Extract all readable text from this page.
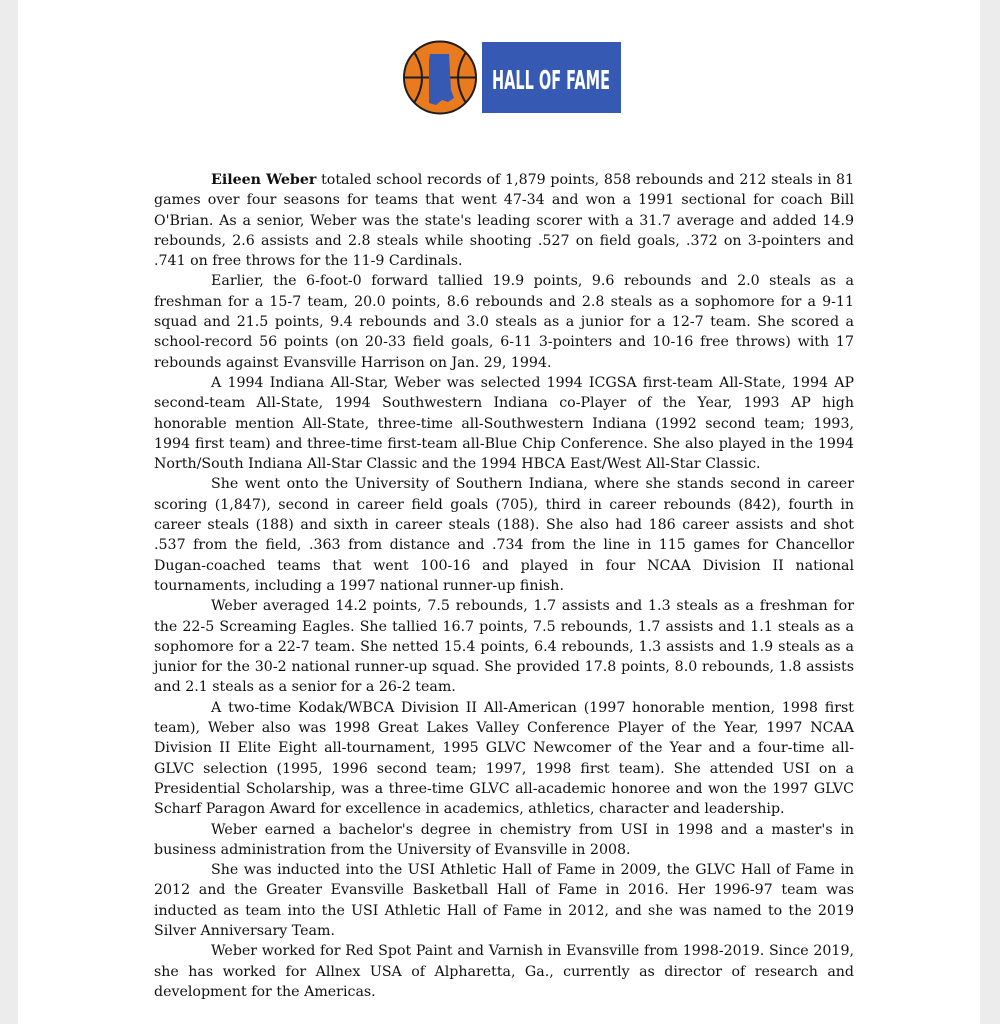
HALL OF FAME

Eileen Weber totaled school records of 1,879 points, 858 rebounds and 212 steals in 81 games over four seasons for teams that went 47-34 and won a 1991 sectional for coach Bill O'Brian. As a senior, Weber was the state's leading scorer with a 31.7 average and added 14.9 rebounds, 2.6 assists and 2.8 steals while shooting .527 on field goals, .372 on 3-pointers and .741 on free throws for the 11-9 Cardinals.

Earlier, the 6-foot-0 forward tallied 19.9 points, 9.6 rebounds and 2.0 steals as a freshman for a 15-7 team, 20.0 points, 8.6 rebounds and 2.8 steals as a sophomore for a 9-11 squad and 21.5 points, 9.4 rebounds and 3.0 steals as a junior for a 12-7 team. She scored a school-record 56 points (on 20-33 field goals, 6-11 3-pointers and 10-16 free throws) with 17 rebounds against Evansville Harrison on Jan. 29, 1994.

A 1994 Indiana All-Star, Weber was selected 1994 ICGSA first-team All-State, 1994 AP second-team All-State, 1994 Southwestern Indiana co-Player of the Year, 1993 AP high honorable mention All-State, three-time all-Southwestern Indiana (1992 second team; 1993, 1994 first team) and three-time first-team all-Blue Chip Conference. She also played in the 1994 North/South Indiana All-Star Classic and the 1994 HBCA East/West All-Star Classic.

She went onto the University of Southern Indiana, where she stands second in career scoring (1,847), second in career field goals (705), third in career rebounds (842), fourth in career steals (188) and sixth in career steals (188). She also had 186 career assists and shot .537 from the field, .363 from distance and .734 from the line in 115 games for Chancellor Dugan-coached teams that went 100-16 and played in four NCAA Division II national tournaments, including a 1997 national runner-up finish.

Weber averaged 14.2 points, 7.5 rebounds, 1.7 assists and 1.3 steals as a freshman for the 22-5 Screaming Eagles. She tallied 16.7 points, 7.5 rebounds, 1.7 assists and 1.1 steals as a sophomore for a 22-7 team. She netted 15.4 points, 6.4 rebounds, 1.3 assists and 1.9 steals as a junior for the 30-2 national runner-up squad. She provided 17.8 points, 8.0 rebounds, 1.8 assists and 2.1 steals as a senior for a 26-2 team.

A two-time Kodak/WBCA Division II All-American (1997 honorable mention, 1998 first team), Weber also was 1998 Great Lakes Valley Conference Player of the Year, 1997 NCAA Division II Elite Eight all-tournament, 1995 GLVC Newcomer of the Year and a four-time all-GLVC selection (1995, 1996 second team; 1997, 1998 first team). She attended USI on a Presidential Scholarship, was a three-time GLVC all-academic honoree and won the 1997 GLVC Scharf Paragon Award for excellence in academics, athletics, character and leadership.

Weber earned a bachelor's degree in chemistry from USI in 1998 and a master's in business administration from the University of Evansville in 2008.

She was inducted into the USI Athletic Hall of Fame in 2009, the GLVC Hall of Fame in 2012 and the Greater Evansville Basketball Hall of Fame in 2016. Her 1996-97 team was inducted as team into the USI Athletic Hall of Fame in 2012, and she was named to the 2019 Silver Anniversary Team.

Weber worked for Red Spot Paint and Varnish in Evansville from 1998-2019. Since 2019, she has worked for Allnex USA of Alpharetta, Ga., currently as director of research and development for the Americas.
